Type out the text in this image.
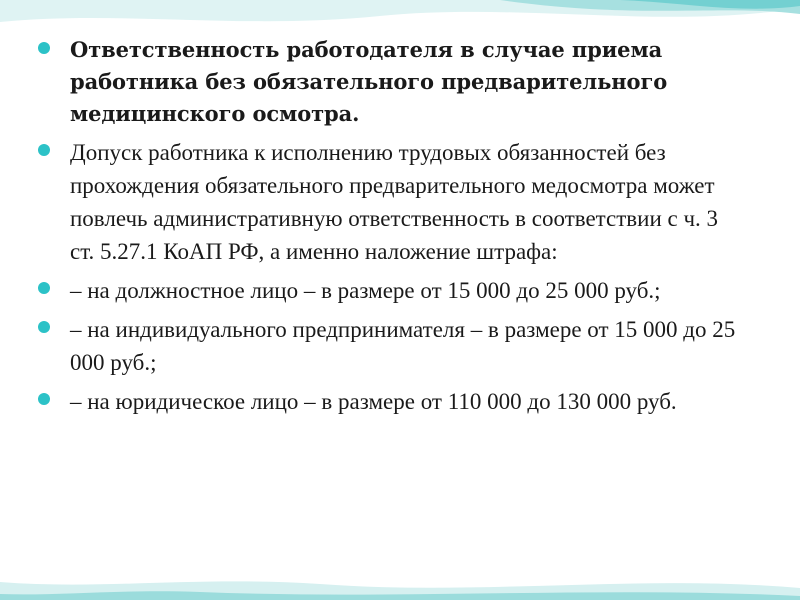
Ответственность работодателя в случае приема работника без обязательного предварительного медицинского осмотра.
Допуск работника к исполнению трудовых обязанностей без прохождения обязательного предварительного медосмотра может повлечь административную ответственность в соответствии с ч. 3 ст. 5.27.1 КоАП РФ, а именно наложение штрафа:
– на должностное лицо – в размере от 15 000 до 25 000 руб.;
– на индивидуального предпринимателя – в размере от 15 000 до 25 000 руб.;
– на юридическое лицо – в размере от 110 000 до 130 000 руб.
